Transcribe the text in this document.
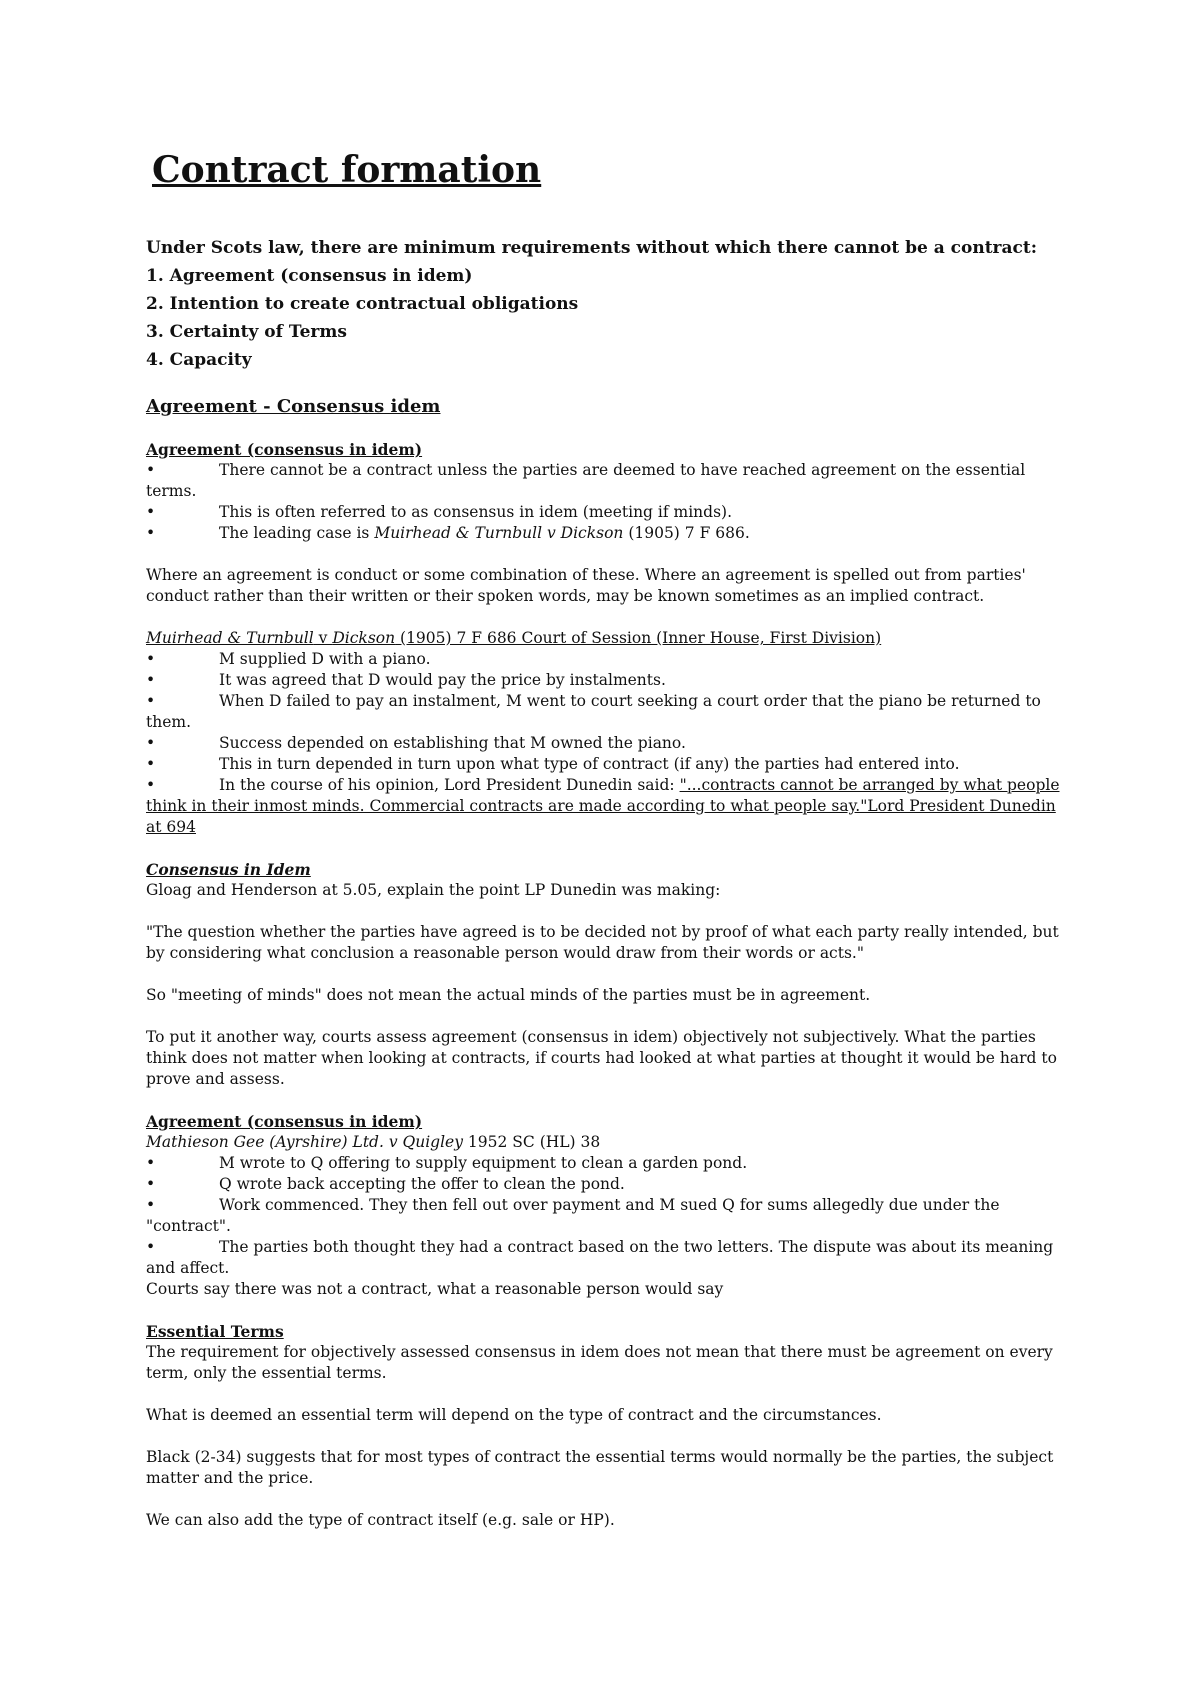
Contract formation
Under Scots law, there are minimum requirements without which there cannot be a contract:
1. Agreement (consensus in idem)
2. Intention to create contractual obligations
3. Certainty of Terms
4. Capacity
Agreement - Consensus idem
Agreement (consensus in idem)
•	There cannot be a contract unless the parties are deemed to have reached agreement on the essential terms.
•	This is often referred to as consensus in idem (meeting if minds).
•	The leading case is Muirhead & Turnbull v Dickson (1905) 7 F 686.
Where an agreement is conduct or some combination of these. Where an agreement is spelled out from parties' conduct rather than their written or their spoken words, may be known sometimes as an implied contract.
Muirhead & Turnbull v Dickson (1905) 7 F 686 Court of Session (Inner House, First Division)
•	M supplied D with a piano.
•	It was agreed that D would pay the price by instalments.
•	When D failed to pay an instalment, M went to court seeking a court order that the piano be returned to them.
•	Success depended on establishing that M owned the piano.
•	This in turn depended in turn upon what type of contract (if any) the parties had entered into.
•	In the course of his opinion, Lord President Dunedin said: "...contracts cannot be arranged by what people think in their inmost minds. Commercial contracts are made according to what people say."Lord President Dunedin at 694
Consensus in Idem
Gloag and Henderson at 5.05, explain the point LP Dunedin was making:
"The question whether the parties have agreed is to be decided not by proof of what each party really intended, but by considering what conclusion a reasonable person would draw from their words or acts."
So "meeting of minds" does not mean the actual minds of the parties must be in agreement.
To put it another way, courts assess agreement (consensus in idem) objectively not subjectively. What the parties think does not matter when looking at contracts, if courts had looked at what parties at thought it would be hard to prove and assess.
Agreement (consensus in idem)
Mathieson Gee (Ayrshire) Ltd. v Quigley 1952 SC (HL) 38
•	M wrote to Q offering to supply equipment to clean a garden pond.
•	Q wrote back accepting the offer to clean the pond.
•	Work commenced. They then fell out over payment and M sued Q for sums allegedly due under the "contract".
•	The parties both thought they had a contract based on the two letters. The dispute was about its meaning and affect.
Courts say there was not a contract, what a reasonable person would say
Essential Terms
The requirement for objectively assessed consensus in idem does not mean that there must be agreement on every term, only the essential terms.
What is deemed an essential term will depend on the type of contract and the circumstances.
Black (2-34) suggests that for most types of contract the essential terms would normally be the parties, the subject matter and the price.
We can also add the type of contract itself (e.g. sale or HP).
